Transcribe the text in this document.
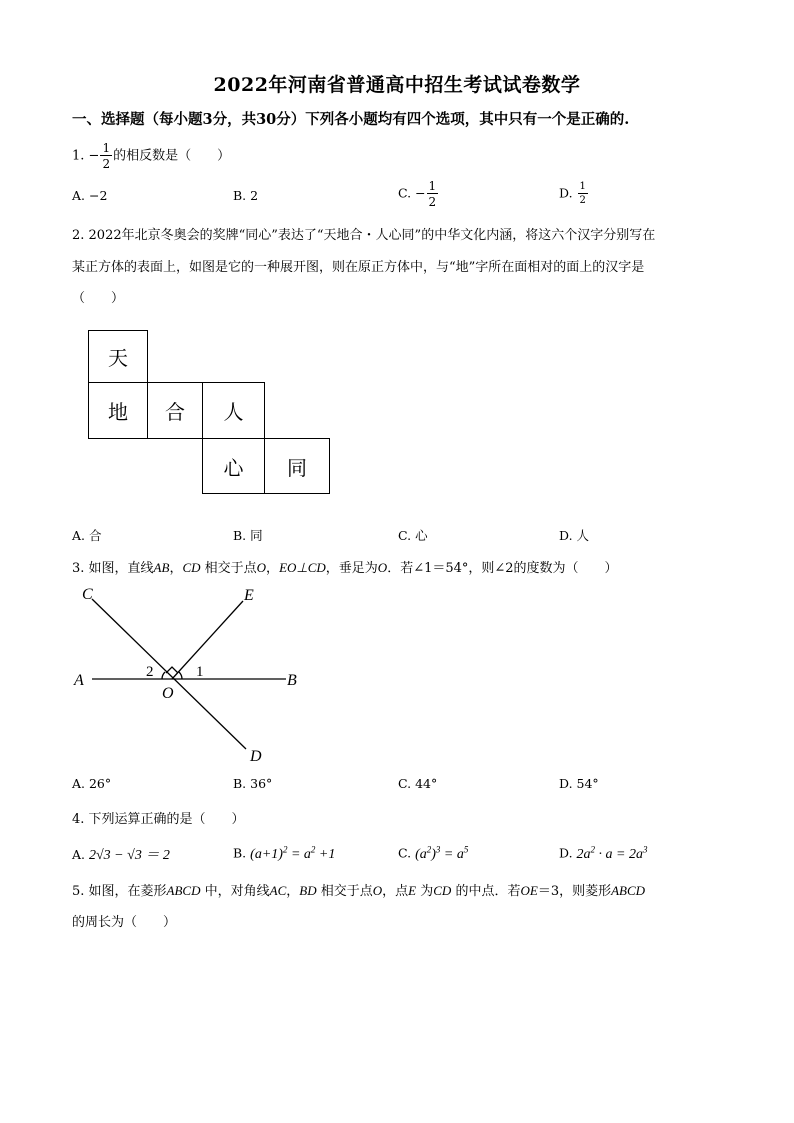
2022年河南省普通高中招生考试试卷数学
一、选择题（每小题3分，共30分）下列各小题均有四个选项，其中只有一个是正确的.
1. − $\frac{1}{2}$ 的相反数是（　　）
A. −2	B. 2	C. − $\frac{1}{2}$	D. $\frac{1}{2}$
2. 2022年北京冬奥会的奖牌“同心”表达了“天地合・人心同”的中华文化内涵，将这六个汉字分别写在
某正方体的表面上，如图是它的一种展开图，则在原正方体中，与“地”字所在面相对的面上的汉字是
（　　）
天
地	合	人
心	同
A. 合	B. 同	C. 心	D. 人
3. 如图，直线AB，CD 相交于点O，EO⊥CD，垂足为O．若∠1＝54°，则∠2的度数为（　　）
C	E
A	B
O
D
2	1
A. 26°	B. 36°	C. 44°	D. 54°
4. 下列运算正确的是（　　）
A. 2√3 − √3 ＝ 2	B. $(a+1)^2 = a^2 +1$	C. $(a^2)^3 = a^5$	D. $2a^2 \cdot a = 2a^3$
5. 如图，在菱形ABCD 中，对角线AC，BD 相交于点O，点E 为CD 的中点．若OE＝3，则菱形ABCD
的周长为（　　）
